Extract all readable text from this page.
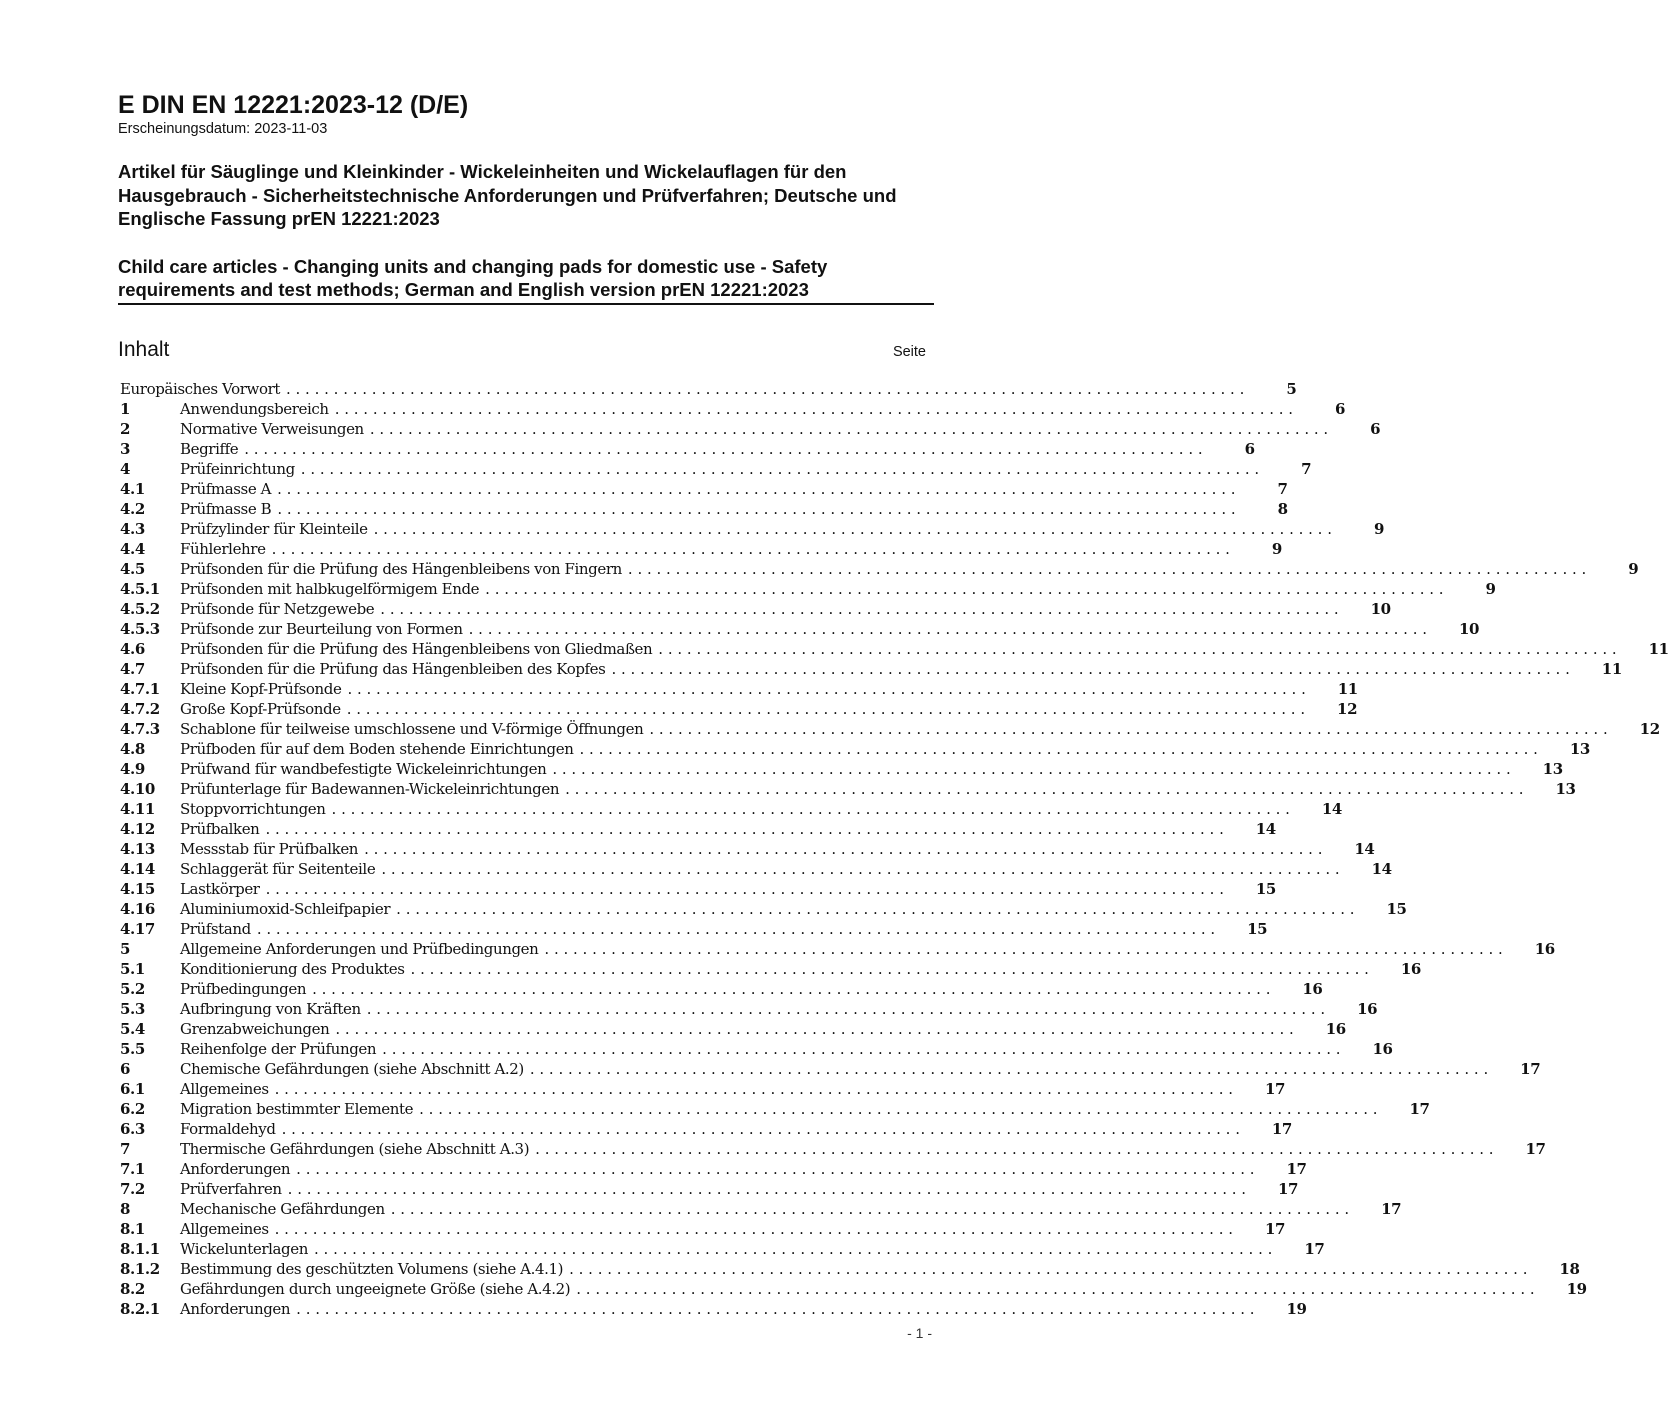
E DIN EN 12221:2023-12 (D/E)

Erscheinungsdatum: 2023-11-03

Artikel für Säuglinge und Kleinkinder - Wickeleinheiten und Wickelauflagen für den Hausgebrauch - Sicherheitstechnische Anforderungen und Prüfverfahren; Deutsche und Englische Fassung prEN 12221:2023

Child care articles - Changing units and changing pads for domestic use - Safety requirements and test methods; German and English version prEN 12221:2023

Inhalt	Seite
Europäisches Vorwort . . .	5
1	Anwendungsbereich . . .	6
2	Normative Verweisungen . . .	6
3	Begriffe . . .	6
4	Prüfeinrichtung . . .	7
4.1	Prüfmasse A . . .	7
4.2	Prüfmasse B . . .	8
4.3	Prüfzylinder für Kleinteile . . .	9
4.4	Fühlerlehre . . .	9
4.5	Prüfsonden für die Prüfung des Hängenbleibens von Fingern . . .	9
4.5.1	Prüfsonden mit halbkugelförmigem Ende . . .	9
4.5.2	Prüfsonde für Netzgewebe . . .	10
4.5.3	Prüfsonde zur Beurteilung von Formen . . .	10
4.6	Prüfsonden für die Prüfung des Hängenbleibens von Gliedmaßen . . .	11
4.7	Prüfsonden für die Prüfung das Hängenbleiben des Kopfes . . .	11
4.7.1	Kleine Kopf-Prüfsonde . . .	11
4.7.2	Große Kopf-Prüfsonde . . .	12
4.7.3	Schablone für teilweise umschlossene und V-förmige Öffnungen . . .	12
4.8	Prüfboden für auf dem Boden stehende Einrichtungen . . .	13
4.9	Prüfwand für wandbefestigte Wickeleinrichtungen . . .	13
4.10	Prüfunterlage für Badewannen-Wickeleinrichtungen . . .	13
4.11	Stoppvorrichtungen . . .	14
4.12	Prüfbalken . . .	14
4.13	Messstab für Prüfbalken . . .	14
4.14	Schlaggerät für Seitenteile . . .	14
4.15	Lastkörper . . .	15
4.16	Aluminiumoxid-Schleifpapier . . .	15
4.17	Prüfstand . . .	15
5	Allgemeine Anforderungen und Prüfbedingungen . . .	16
5.1	Konditionierung des Produktes . . .	16
5.2	Prüfbedingungen . . .	16
5.3	Aufbringung von Kräften . . .	16
5.4	Grenzabweichungen . . .	16
5.5	Reihenfolge der Prüfungen . . .	16
6	Chemische Gefährdungen (siehe Abschnitt A.2) . . .	17
6.1	Allgemeines . . .	17
6.2	Migration bestimmter Elemente . . .	17
6.3	Formaldehyd . . .	17
7	Thermische Gefährdungen (siehe Abschnitt A.3) . . .	17
7.1	Anforderungen . . .	17
7.2	Prüfverfahren . . .	17
8	Mechanische Gefährdungen . . .	17
8.1	Allgemeines . . .	17
8.1.1	Wickelunterlagen . . .	17
8.1.2	Bestimmung des geschützten Volumens (siehe A.4.1) . . .	18
8.2	Gefährdungen durch ungeeignete Größe (siehe A.4.2) . . .	19
8.2.1	Anforderungen . . .	19
- 1 -
